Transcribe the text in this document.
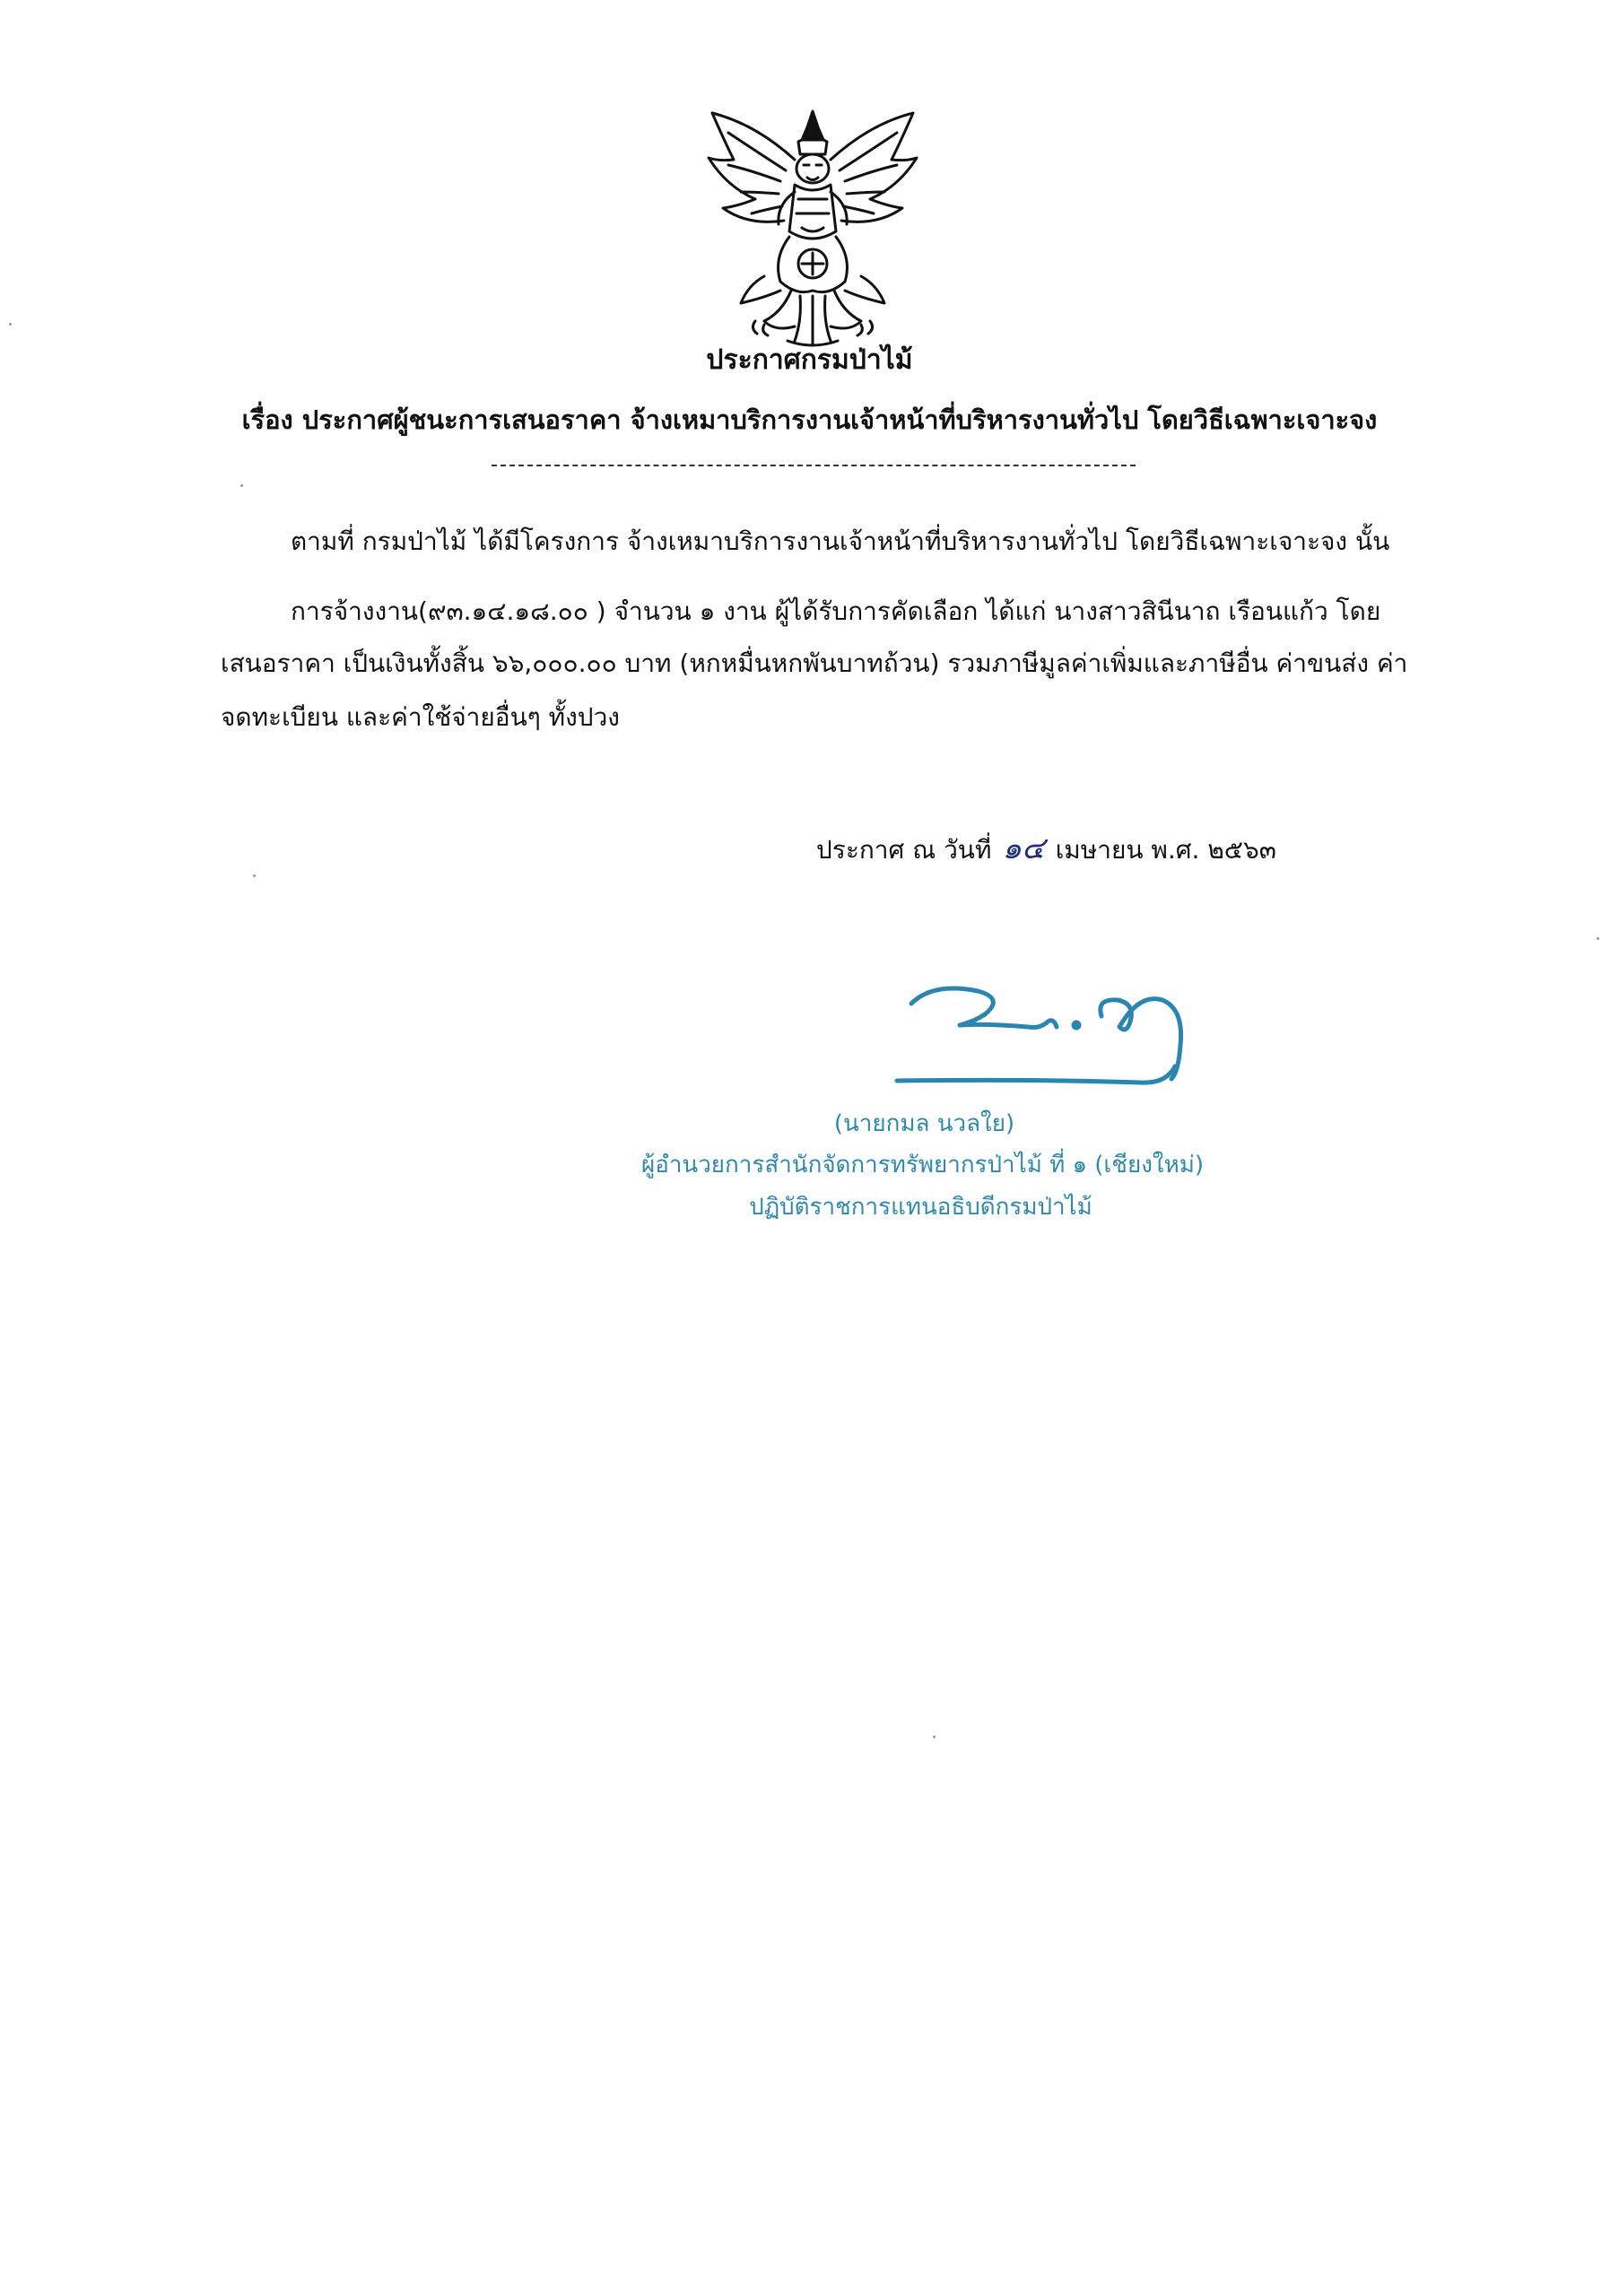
ประกาศกรมป่าไม้
เรื่อง ประกาศผู้ชนะการเสนอราคา จ้างเหมาบริการงานเจ้าหน้าที่บริหารงานทั่วไป โดยวิธีเฉพาะเจาะจง
ตามที่ กรมป่าไม้ ได้มีโครงการ จ้างเหมาบริการงานเจ้าหน้าที่บริหารงานทั่วไป โดยวิธีเฉพาะเจาะจง นั้น
การจ้างงาน(๙๓.๑๔.๑๘.๐๐ ) จำนวน ๑ งาน ผู้ได้รับการคัดเลือก ได้แก่ นางสาวสินีนาถ เรือนแก้ว โดย
เสนอราคา เป็นเงินทั้งสิ้น ๖๖,๐๐๐.๐๐ บาท (หกหมื่นหกพันบาทถ้วน) รวมภาษีมูลค่าเพิ่มและภาษีอื่น ค่าขนส่ง ค่า
จดทะเบียน และค่าใช้จ่ายอื่นๆ ทั้งปวง
ประกาศ ณ วันที่ ๑๔ เมษายน พ.ศ. ๒๕๖๓
(นายกมล นวลใย)
ผู้อำนวยการสำนักจัดการทรัพยากรป่าไม้ ที่ ๑ (เชียงใหม่)
ปฏิบัติราชการแทนอธิบดีกรมป่าไม้
